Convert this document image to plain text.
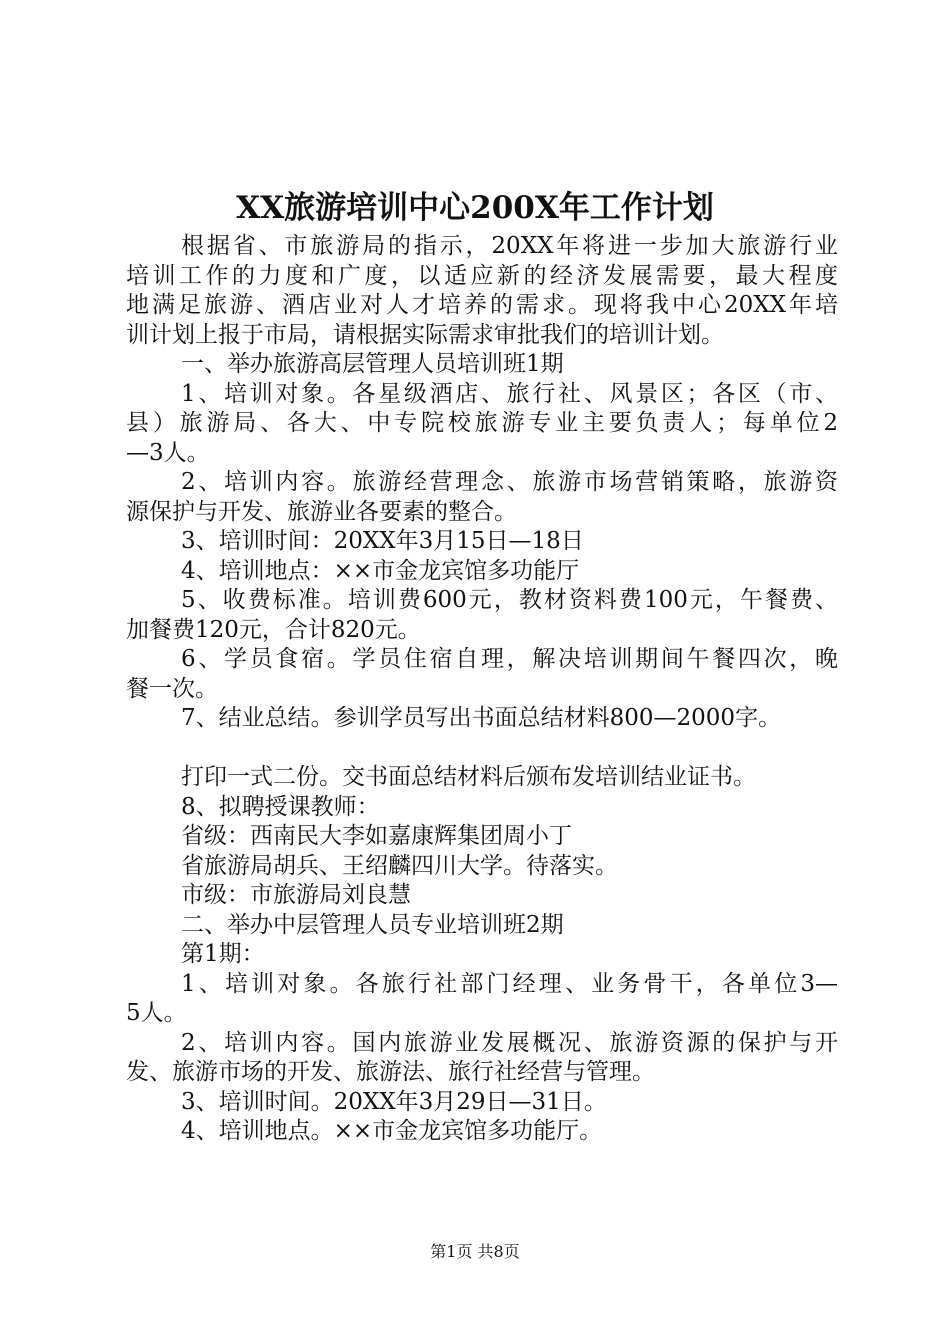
XX旅游培训中心200X年工作计划
根据省、市旅游局的指示，20XX年将进一步加大旅游行业
培训工作的力度和广度，以适应新的经济发展需要，最大程度
地满足旅游、酒店业对人才培养的需求。现将我中心20XX年培
训计划上报于市局，请根据实际需求审批我们的培训计划。
一、举办旅游高层管理人员培训班1期
1、培训对象。各星级酒店、旅行社、风景区；各区（市、
县）旅游局、各大、中专院校旅游专业主要负责人；每单位2
—3人。
2、培训内容。旅游经营理念、旅游市场营销策略，旅游资
源保护与开发、旅游业各要素的整合。
3、培训时间：20XX年3月15日—18日
4、培训地点：××市金龙宾馆多功能厅
5、收费标准。培训费600元，教材资料费100元，午餐费、
加餐费120元，合计820元。
6、学员食宿。学员住宿自理，解决培训期间午餐四次，晚
餐一次。
7、结业总结。参训学员写出书面总结材料800—2000字。
打印一式二份。交书面总结材料后颁布发培训结业证书。
8、拟聘授课教师：
省级：西南民大李如嘉康辉集团周小丁
省旅游局胡兵、王绍麟四川大学。待落实。
市级：市旅游局刘良慧
二、举办中层管理人员专业培训班2期
第1期：
1、培训对象。各旅行社部门经理、业务骨干，各单位3—
5人。
2、培训内容。国内旅游业发展概况、旅游资源的保护与开
发、旅游市场的开发、旅游法、旅行社经营与管理。
3、培训时间。20XX年3月29日—31日。
4、培训地点。××市金龙宾馆多功能厅。
第1页 共8页
